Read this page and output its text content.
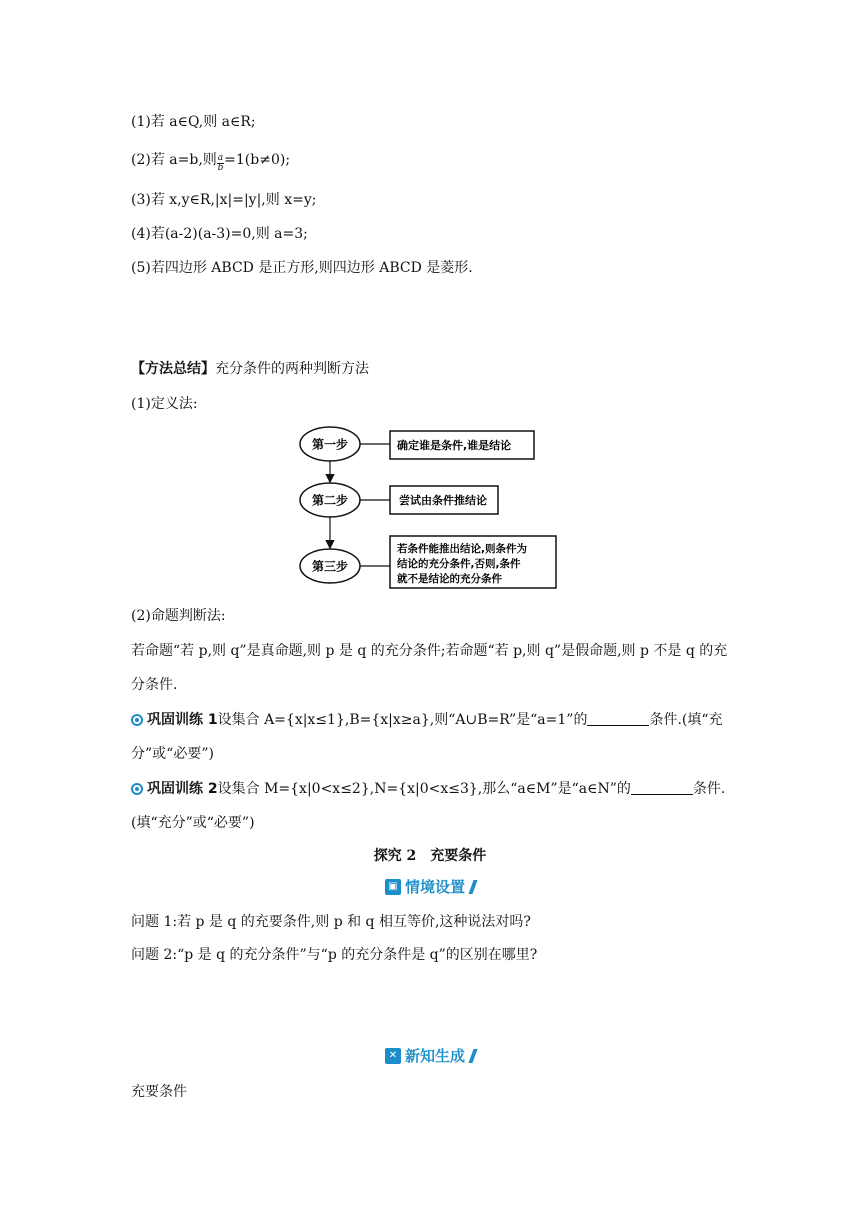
(1)若 a∈Q,则 a∈R;
(2)若 a=b,则 $\frac{a}{b} =1(b\ne 0)$;
(3)若 x,y∈R,|x|=|y|,则 x=y;
(4)若(a-2)(a-3)=0,则 a=3;
(5)若四边形 ABCD 是正方形,则四边形 ABCD 是菱形.
【方法总结】充分条件的两种判断方法
(1)定义法:
第一步
第二步
第三步
确定谁是条件,谁是结论
尝试由条件推结论
若条件能推出结论,则条件为
结论的充分条件,否则,条件
就不是结论的充分条件
(2)命题判断法:
若命题“若 p,则 q”是真命题,则 p 是 q 的充分条件;若命题“若 p,则 q”是假命题,则 p 不是 q 的充分条件.
巩固训练 1设集合 A={x|x≤1},B={x|x≥a},则“A∪B=R”是“a=1”的	条件.(填“充分”或“必要”)
巩固训练 2设集合 M={x|0<x≤2},N={x|0<x≤3},那么“a∈M”是“a∈N”的	条件.(填“充分”或“必要”)
探究 2　充要条件
▣ 情境设置
问题 1:若 p 是 q 的充要条件,则 p 和 q 相互等价,这种说法对吗?
问题 2:“p 是 q 的充分条件”与“p 的充分条件是 q”的区别在哪里?
✕ 新知生成
充要条件
